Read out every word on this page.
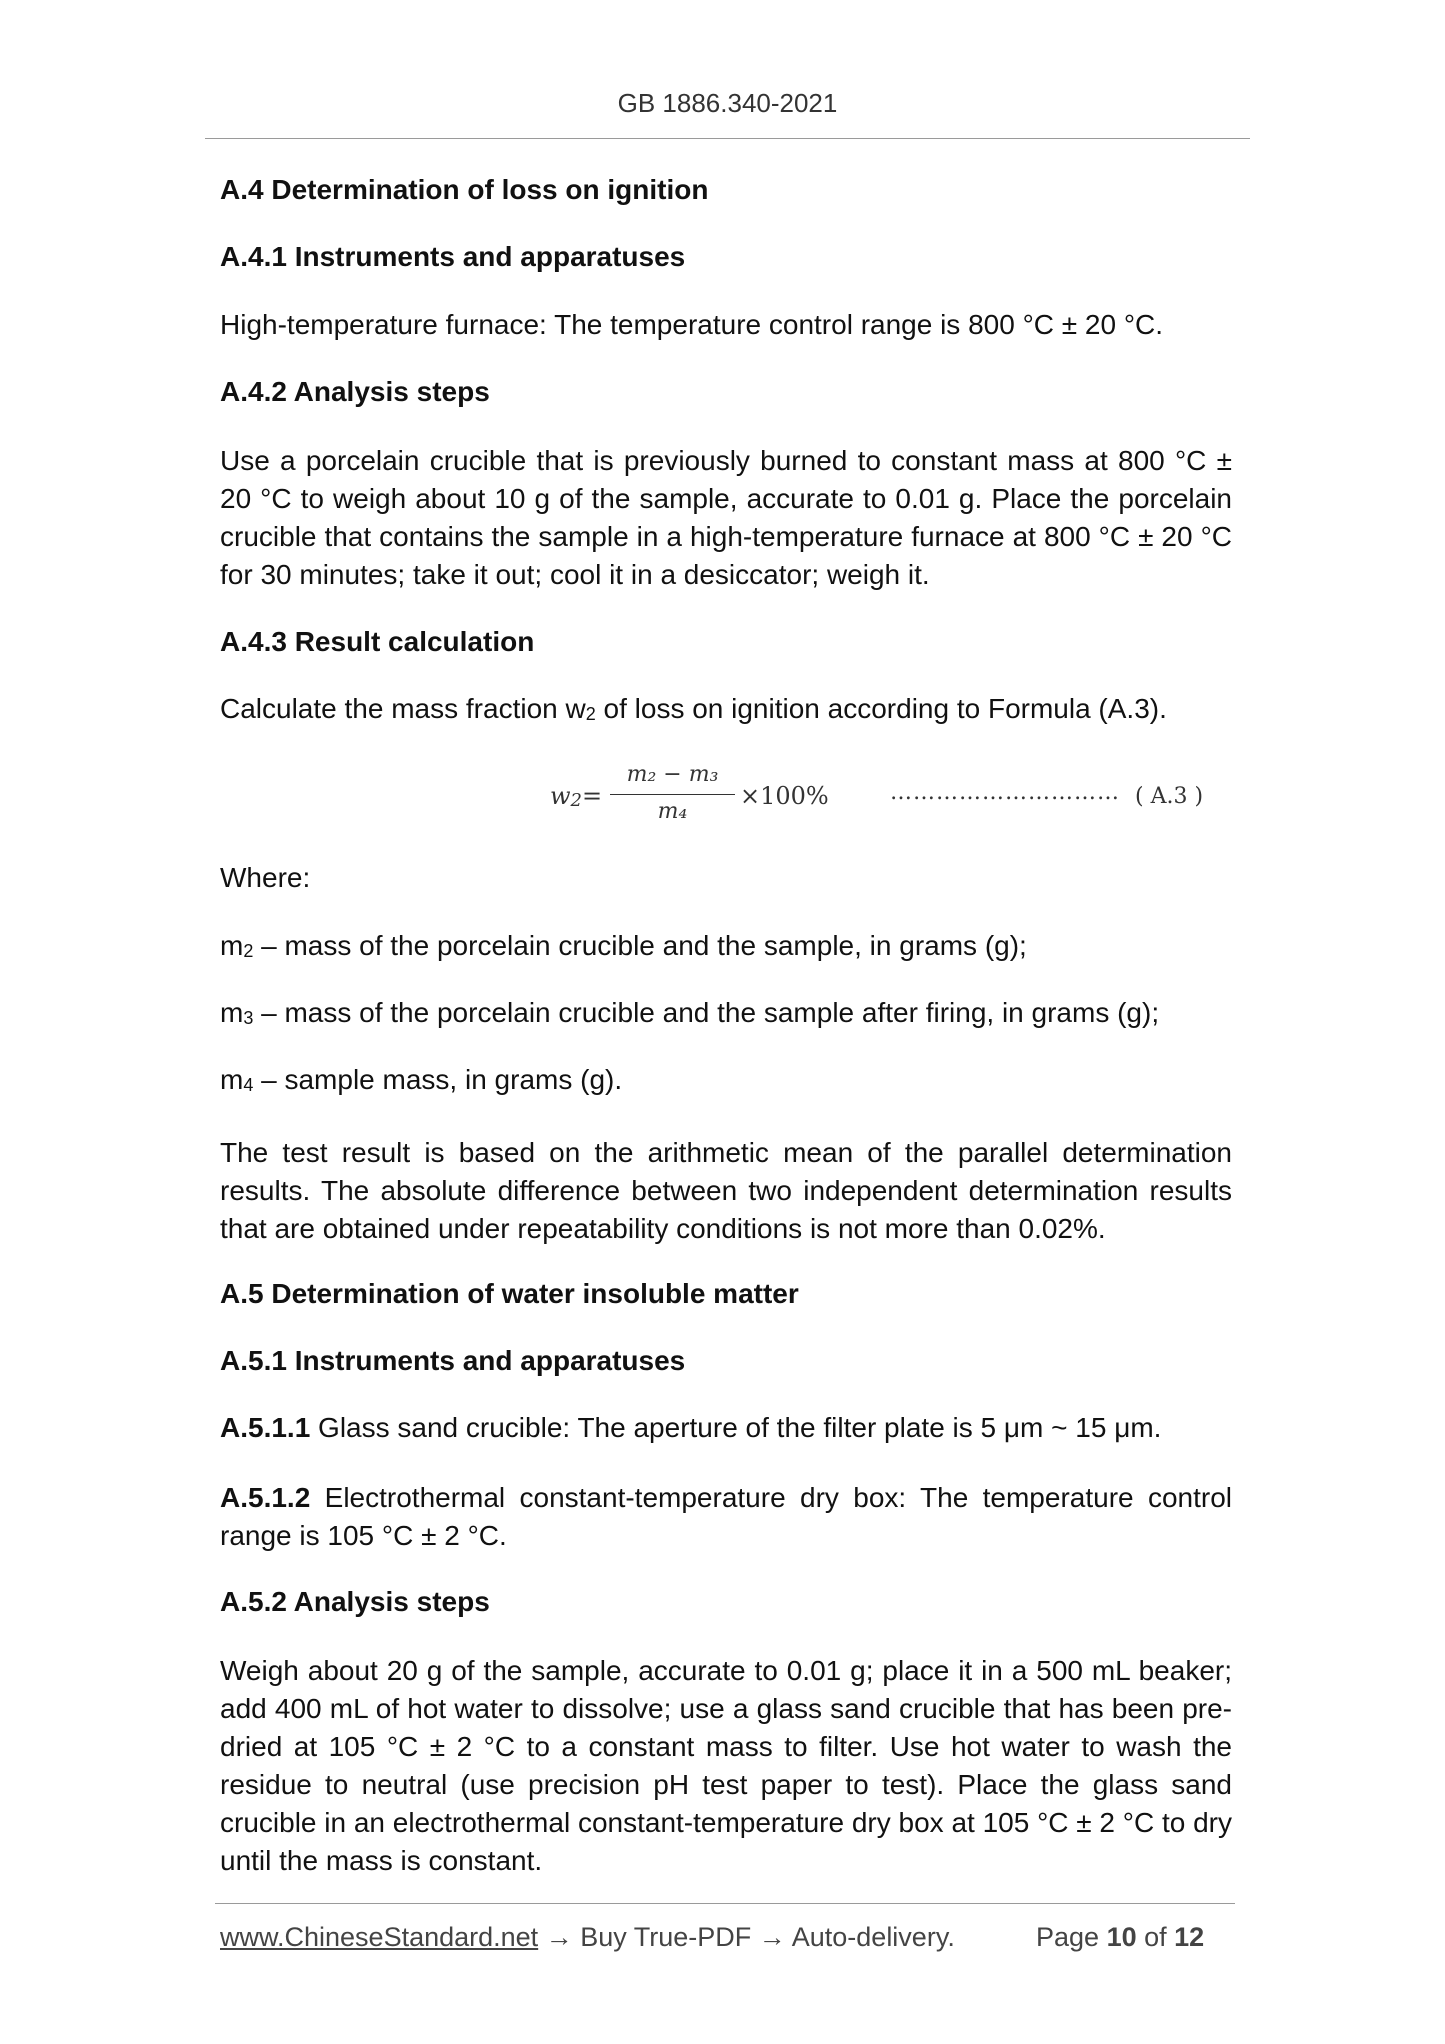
GB 1886.340-2021
A.4 Determination of loss on ignition
A.4.1 Instruments and apparatuses
High-temperature furnace: The temperature control range is 800 °C ± 20 °C.
A.4.2 Analysis steps
Use a porcelain crucible that is previously burned to constant mass at 800 °C ± 20 °C to weigh about 10 g of the sample, accurate to 0.01 g. Place the porcelain crucible that contains the sample in a high-temperature furnace at 800 °C ± 20 °C for 30 minutes; take it out; cool it in a desiccator; weigh it.
A.4.3 Result calculation
Calculate the mass fraction $w_2$ of loss on ignition according to Formula (A.3).
$w_2=$
m₂ − m₃
m₄
×100%	………………………… ( A.3 )
Where:
$m_2$ – mass of the porcelain crucible and the sample, in grams (g);
$m_3$ – mass of the porcelain crucible and the sample after firing, in grams (g);
$m_4$ – sample mass, in grams (g).
The test result is based on the arithmetic mean of the parallel determination results. The absolute difference between two independent determination results that are obtained under repeatability conditions is not more than 0.02%.
A.5 Determination of water insoluble matter
A.5.1 Instruments and apparatuses
A.5.1.1 Glass sand crucible: The aperture of the filter plate is 5 μm ~ 15 μm.
A.5.1.2 Electrothermal constant-temperature dry box: The temperature control range is 105 °C ± 2 °C.
A.5.2 Analysis steps
Weigh about 20 g of the sample, accurate to 0.01 g; place it in a 500 mL beaker; add 400 mL of hot water to dissolve; use a glass sand crucible that has been pre-dried at 105 °C ± 2 °C to a constant mass to filter. Use hot water to wash the residue to neutral (use precision pH test paper to test). Place the glass sand crucible in an electrothermal constant-temperature dry box at 105 °C ± 2 °C to dry until the mass is constant.
www.ChineseStandard.net → Buy True-PDF → Auto-delivery.	Page 10 of 12
